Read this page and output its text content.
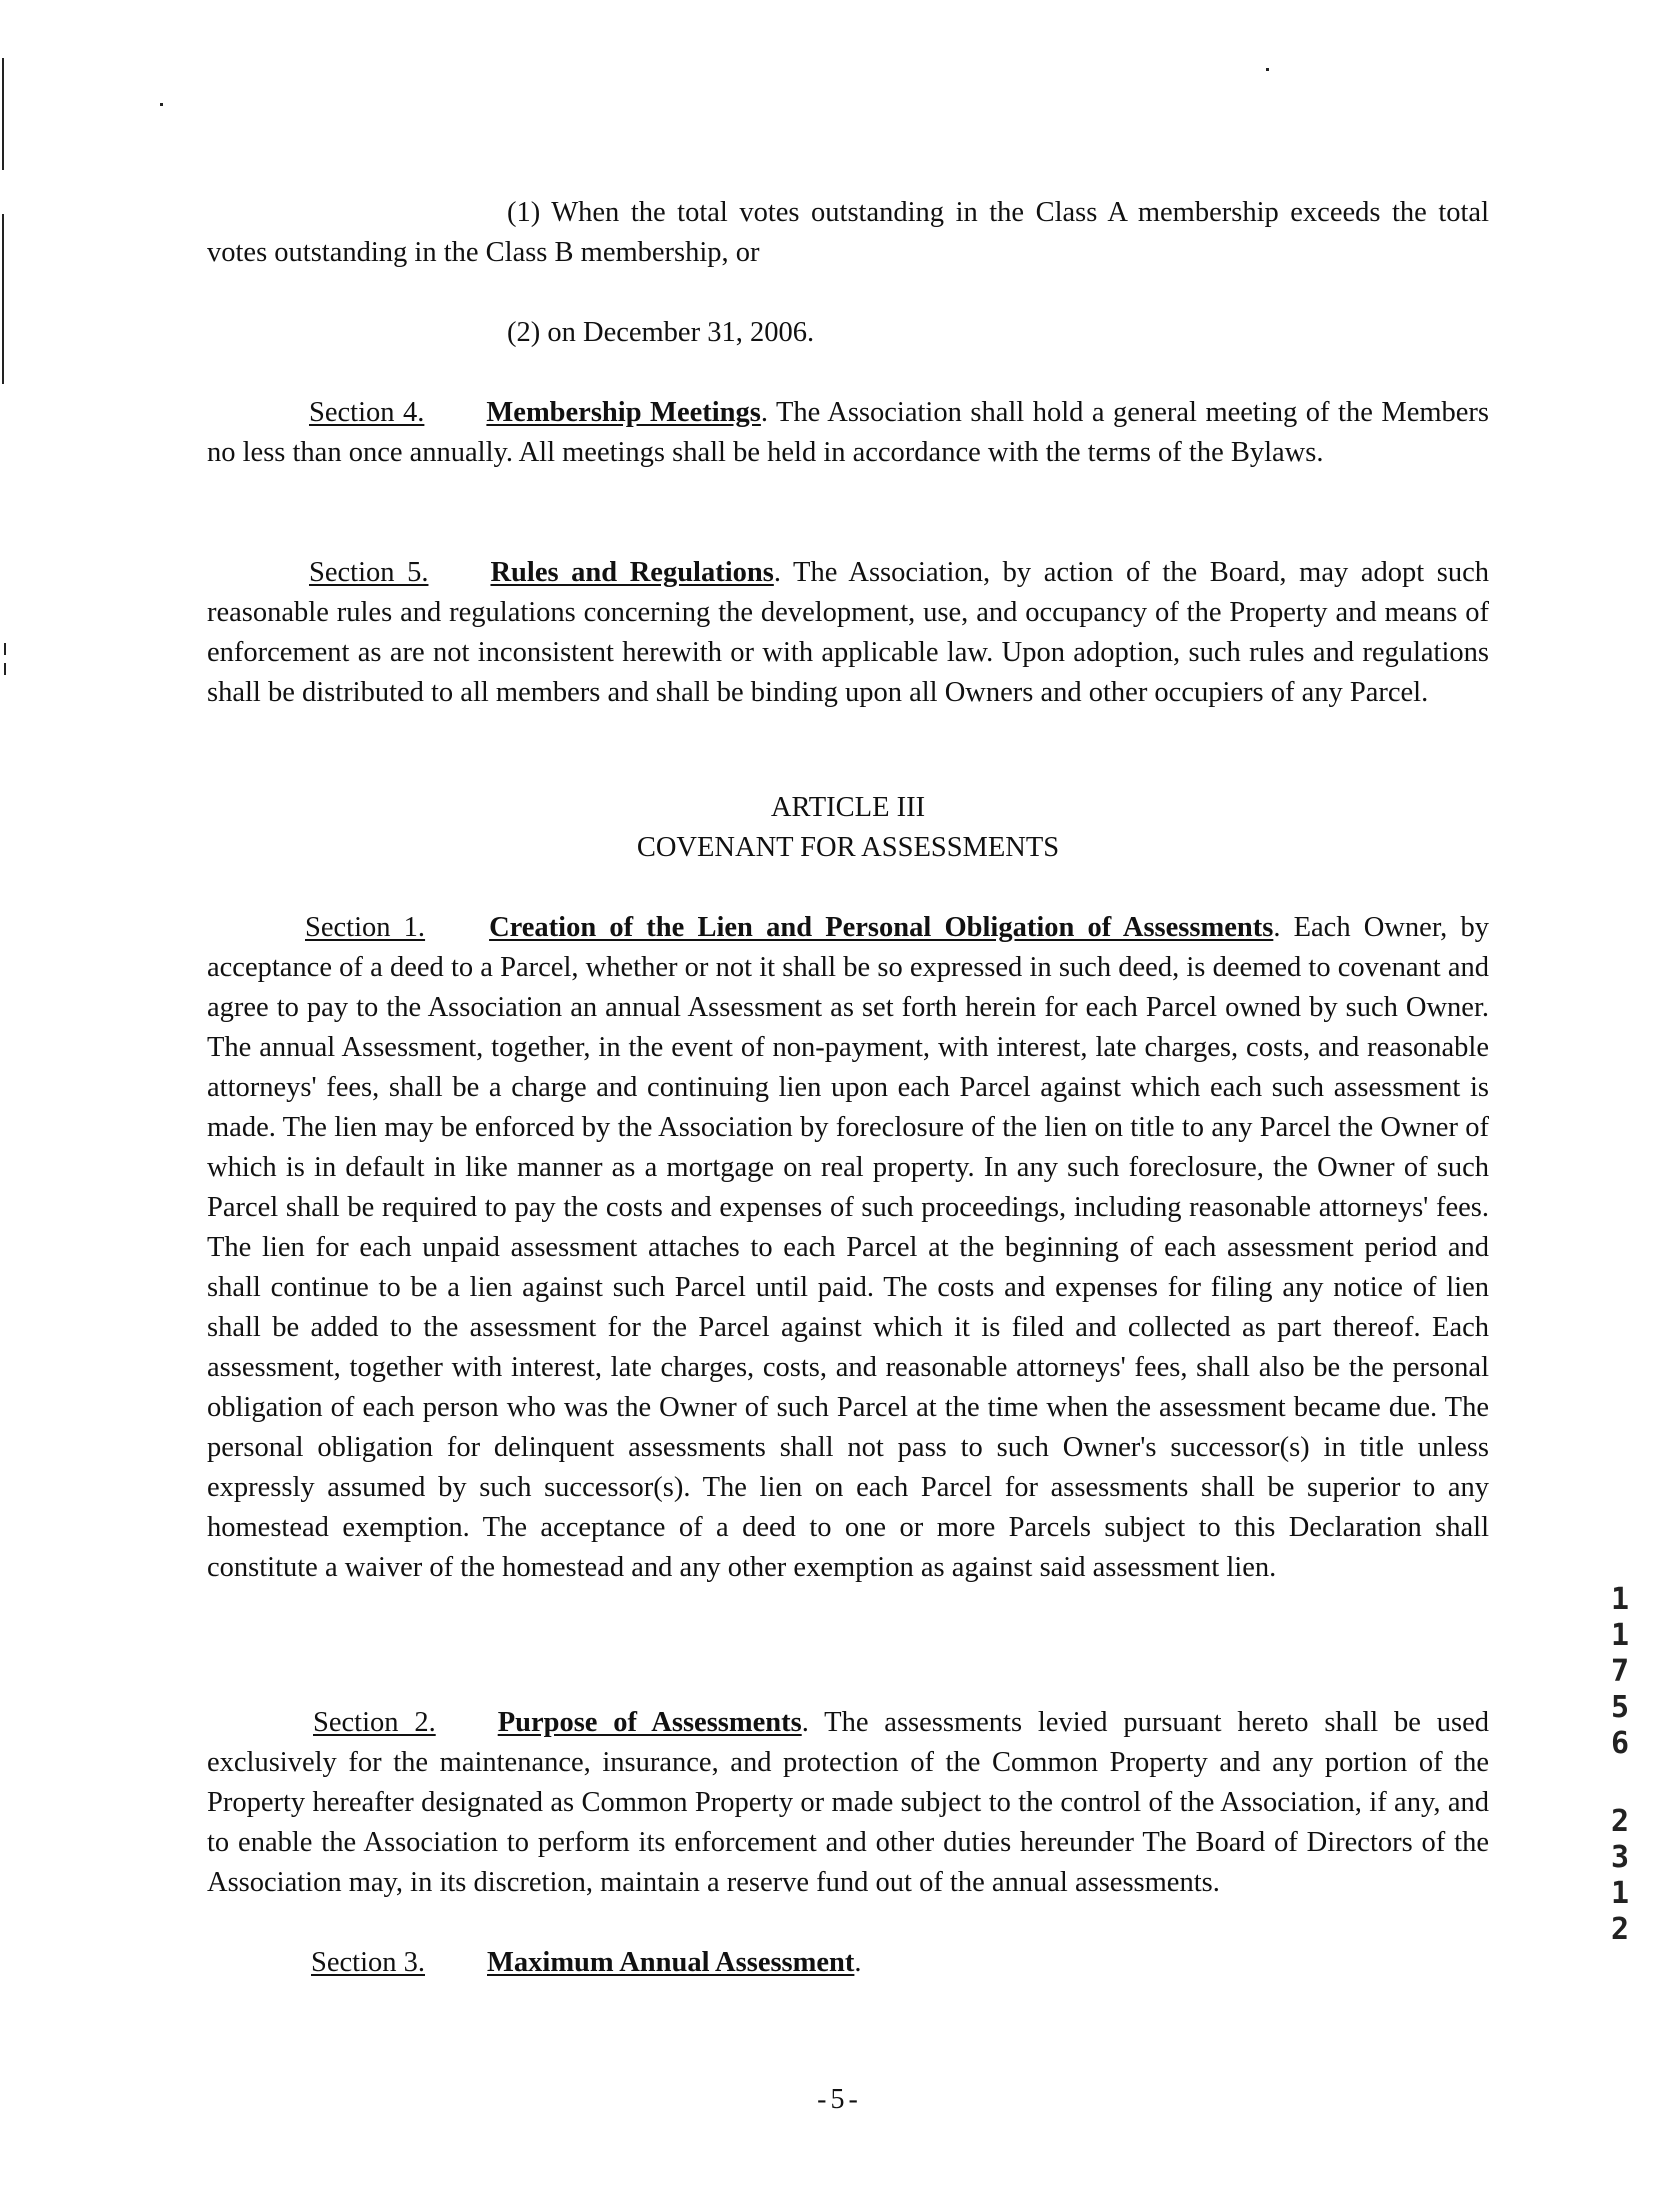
(1) When the total votes outstanding in the Class A membership exceeds the total votes outstanding in the Class B membership, or

(2) on December 31, 2006.

Section 4. Membership Meetings. The Association shall hold a general meeting of the Members no less than once annually. All meetings shall be held in accordance with the terms of the Bylaws.

Section 5. Rules and Regulations. The Association, by action of the Board, may adopt such reasonable rules and regulations concerning the development, use, and occupancy of the Property and means of enforcement as are not inconsistent herewith or with applicable law. Upon adoption, such rules and regulations shall be distributed to all members and shall be binding upon all Owners and other occupiers of any Parcel.

ARTICLE III

COVENANT FOR ASSESSMENTS

Section 1. Creation of the Lien and Personal Obligation of Assessments. Each Owner, by acceptance of a deed to a Parcel, whether or not it shall be so expressed in such deed, is deemed to covenant and agree to pay to the Association an annual Assessment as set forth herein for each Parcel owned by such Owner. The annual Assessment, together, in the event of non-payment, with interest, late charges, costs, and reasonable attorneys' fees, shall be a charge and continuing lien upon each Parcel against which each such assessment is made. The lien may be enforced by the Association by foreclosure of the lien on title to any Parcel the Owner of which is in default in like manner as a mortgage on real property. In any such foreclosure, the Owner of such Parcel shall be required to pay the costs and expenses of such proceedings, including reasonable attorneys' fees. The lien for each unpaid assessment attaches to each Parcel at the beginning of each assessment period and shall continue to be a lien against such Parcel until paid. The costs and expenses for filing any notice of lien shall be added to the assessment for the Parcel against which it is filed and collected as part thereof. Each assessment, together with interest, late charges, costs, and reasonable attorneys' fees, shall also be the personal obligation of each person who was the Owner of such Parcel at the time when the assessment became due. The personal obligation for delinquent assessments shall not pass to such Owner's successor(s) in title unless expressly assumed by such successor(s). The lien on each Parcel for assessments shall be superior to any homestead exemption. The acceptance of a deed to one or more Parcels subject to this Declaration shall constitute a waiver of the homestead and any other exemption as against said assessment lien.

Section 2. Purpose of Assessments. The assessments levied pursuant hereto shall be used exclusively for the maintenance, insurance, and protection of the Common Property and any portion of the Property hereafter designated as Common Property or made subject to the control of the Association, if any, and to enable the Association to perform its enforcement and other duties hereunder The Board of Directors of the Association may, in its discretion, maintain a reserve fund out of the annual assessments.

Section 3. Maximum Annual Assessment.

-5-
1
1
7
5
6
2
3
1
2
